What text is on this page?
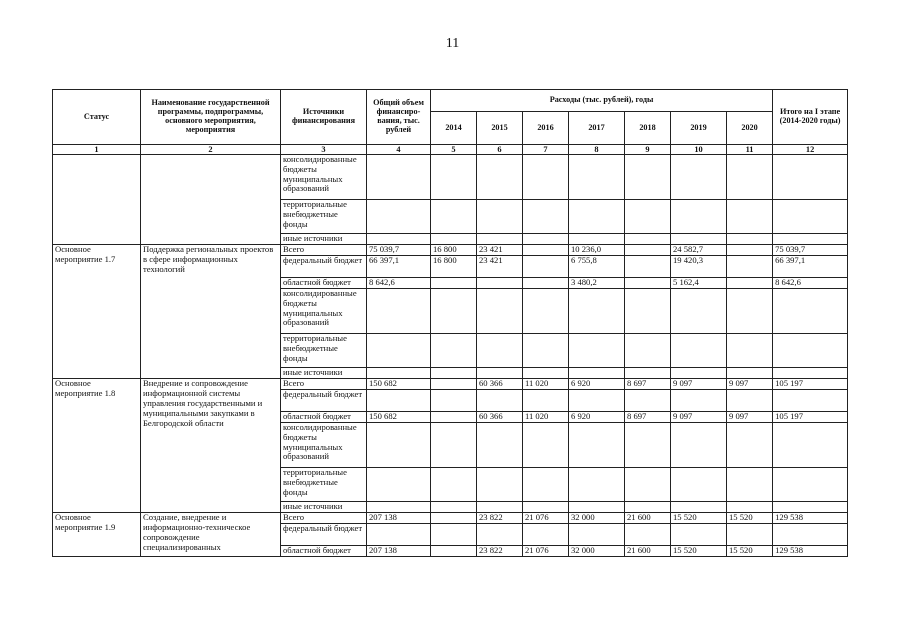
11
Статус	Наименование государственной программы, подпрограммы, основного мероприятия, мероприятия	Источники финансирования	Общий объем финансиро-вания, тыс. рублей	Расходы (тыс. рублей), годы							Итого на I этапе (2014-2020 годы)
				2014	2015	2016	2017	2018	2019	2020	
1	2	3	4	5	6	7	8	9	10	11	12
		консолидированные бюджеты муниципальных образований									
		территориальные внебюджетные фонды									
		иные источники									
Основное мероприятие 1.7	Поддержка региональных проектов в сфере информационных технологий	Всего	75 039,7	16 800	23 421		10 236,0		24 582,7		75 039,7
		федеральный бюджет	66 397,1	16 800	23 421		6 755,8		19 420,3		66 397,1
		областной бюджет	8 642,6				3 480,2		5 162,4		8 642,6
		консолидированные бюджеты муниципальных образований									
		территориальные внебюджетные фонды									
		иные источники									
Основное мероприятие 1.8	Внедрение и сопровождение информационной системы управления государственными и муниципальными закупками в Белгородской области	Всего	150 682		60 366	11 020	6 920	8 697	9 097	9 097	105 197
		федеральный бюджет									
		областной бюджет	150 682		60 366	11 020	6 920	8 697	9 097	9 097	105 197
		консолидированные бюджеты муниципальных образований									
		территориальные внебюджетные фонды									
		иные источники									
Основное мероприятие 1.9	Создание, внедрение и информационно-техническое сопровождение специализированных	Всего	207 138		23 822	21 076	32 000	21 600	15 520	15 520	129 538
		федеральный бюджет									
		областной бюджет	207 138		23 822	21 076	32 000	21 600	15 520	15 520	129 538
